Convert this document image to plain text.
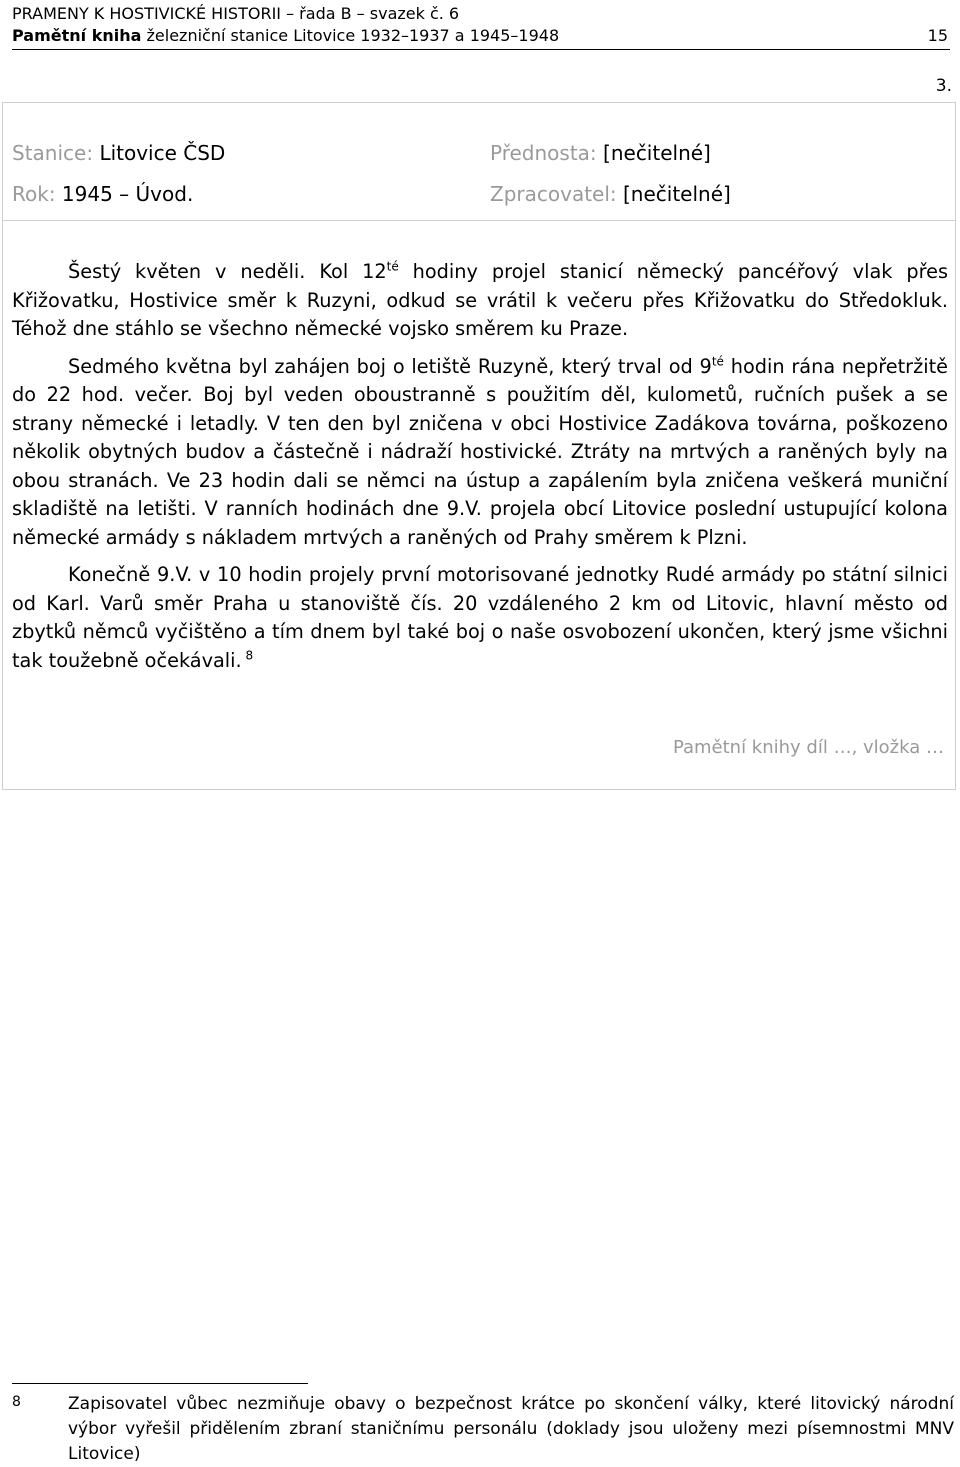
PRAMENY K HOSTIVICKÉ HISTORII – řada B – svazek č. 6
Pamětní kniha železniční stanice Litovice 1932–1937 a 1945–1948	15
3.
Stanice: Litovice ČSD
Rok: 1945 – Úvod.
Přednosta: [nečitelné]
Zpracovatel: [nečitelné]

Šestý květen v neděli. Kol $12^{té}$ hodiny projel stanicí německý pancéřový vlak přes Křižovatku, Hostivice směr k Ruzyni, odkud se vrátil k večeru přes Křižovatku do Středokluk. Téhož dne stáhlo se všechno německé vojsko směrem ku Praze.

Sedmého května byl zahájen boj o letiště Ruzyně, který trval od $9^{té}$ hodin rána nepřetržitě do 22 hod. večer. Boj byl veden oboustranně s použitím děl, kulometů, ručních pušek a se strany německé i letadly. V ten den byl zničena v obci Hostivice Zadákova továrna, poškozeno několik obytných budov a částečně i nádraží hostivické. Ztráty na mrtvých a raněných byly na obou stranách. Ve 23 hodin dali se němci na ústup a zapálením byla zničena veškerá muniční skladiště na letišti. V ranních hodinách dne 9.V. projela obcí Litovice poslední ustupující kolona německé armády s nákladem mrtvých a raněných od Prahy směrem k Plzni.

Konečně 9.V. v 10 hodin projely první motorisované jednotky Rudé armády po státní silnici od Karl. Varů směr Praha u stanoviště čís. 20 vzdáleného 2 km od Litovic, hlavní město od zbytků němců vyčištěno a tím dnem byl také boj o naše osvobození ukončen, který jsme všichni tak toužebně očekávali. $^8$

Pamětní knihy díl …, vložka …
8	Zapisovatel vůbec nezmiňuje obavy o bezpečnost krátce po skončení války, které litovický národní výbor vyřešil přidělením zbraní staničnímu personálu (doklady jsou uloženy mezi písemnostmi MNV Litovice)
